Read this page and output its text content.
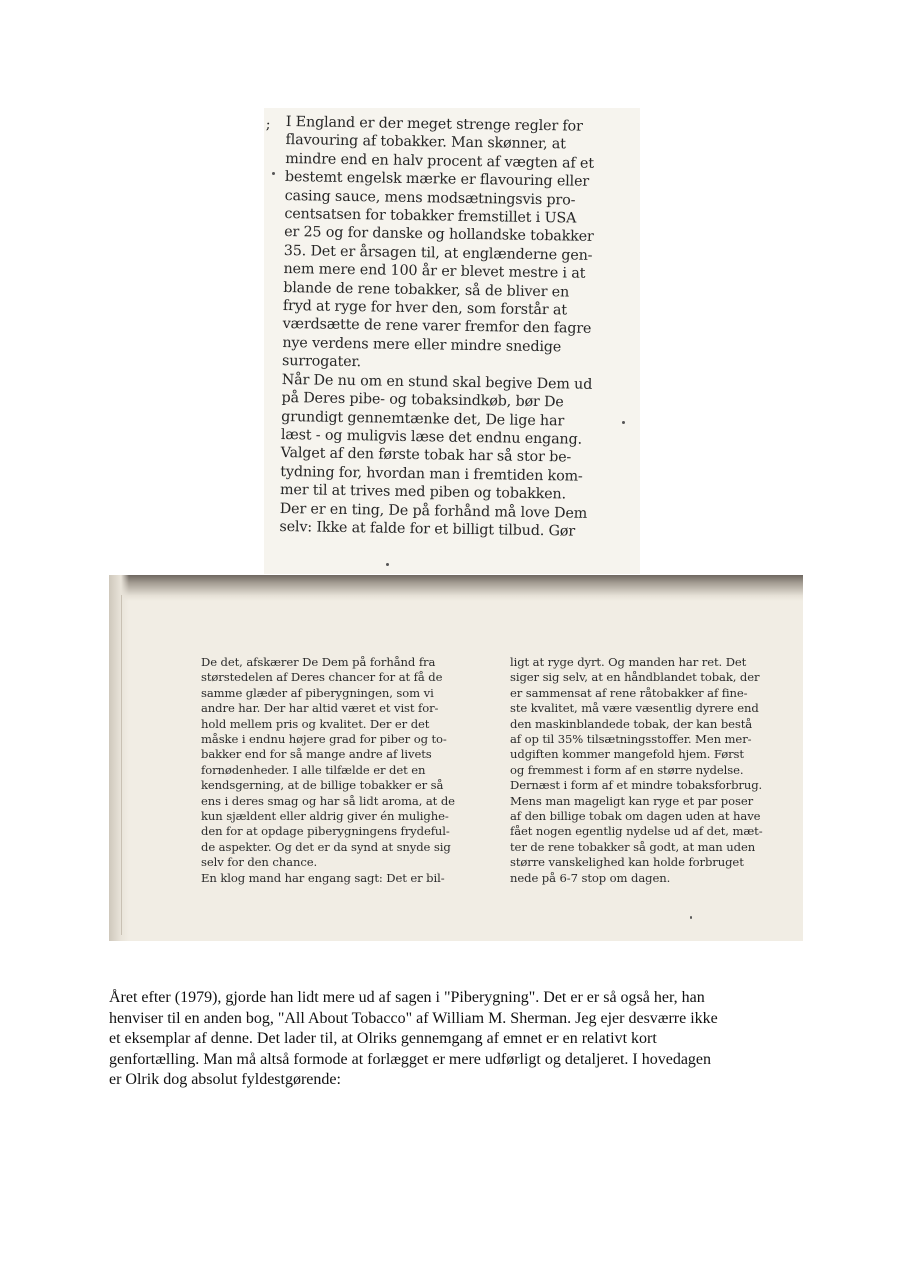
; I England er der meget strenge regler for
flavouring af tobakker. Man skønner, at
mindre end en halv procent af vægten af et
bestemt engelsk mærke er flavouring eller
casing sauce, mens modsætningsvis pro-
centsatsen for tobakker fremstillet i USA
er 25 og for danske og hollandske tobakker
35. Det er årsagen til, at englænderne gen-
nem mere end 100 år er blevet mestre i at
blande de rene tobakker, så de bliver en
fryd at ryge for hver den, som forstår at
værdsætte de rene varer fremfor den fagre
nye verdens mere eller mindre snedige
surrogater.
Når De nu om en stund skal begive Dem ud
på Deres pibe- og tobaksindkøb, bør De
grundigt gennemtænke det, De lige har
læst - og muligvis læse det endnu engang.
Valget af den første tobak har så stor be-
tydning for, hvordan man i fremtiden kom-
mer til at trives med piben og tobakken.
Der er en ting, De på forhånd må love Dem
selv: Ikke at falde for et billigt tilbud. Gør
De det, afskærer De Dem på forhånd fra
størstedelen af Deres chancer for at få de
samme glæder af piberygningen, som vi
andre har. Der har altid været et vist for-
hold mellem pris og kvalitet. Der er det
måske i endnu højere grad for piber og to-
bakker end for så mange andre af livets
fornødenheder. I alle tilfælde er det en
kendsgerning, at de billige tobakker er så
ens i deres smag og har så lidt aroma, at de
kun sjældent eller aldrig giver én mulighe-
den for at opdage piberygningens frydeful-
de aspekter. Og det er da synd at snyde sig
selv for den chance.
En klog mand har engang sagt: Det er bil-
ligt at ryge dyrt. Og manden har ret. Det
siger sig selv, at en håndblandet tobak, der
er sammensat af rene råtobakker af fine-
ste kvalitet, må være væsentlig dyrere end
den maskinblandede tobak, der kan bestå
af op til 35% tilsætningsstoffer. Men mer-
udgiften kommer mangefold hjem. Først
og fremmest i form af en større nydelse.
Dernæst i form af et mindre tobaksforbrug.
Mens man mageligt kan ryge et par poser
af den billige tobak om dagen uden at have
fået nogen egentlig nydelse ud af det, mæt-
ter de rene tobakker så godt, at man uden
større vanskelighed kan holde forbruget
nede på 6-7 stop om dagen.
Året efter (1979), gjorde han lidt mere ud af sagen i "Piberygning". Det er er så også her, han
henviser til en anden bog, "All About Tobacco" af William M. Sherman. Jeg ejer desværre ikke
et eksemplar af denne. Det lader til, at Olriks gennemgang af emnet er en relativt kort
genfortælling. Man må altså formode at forlægget er mere udførligt og detaljeret. I hovedagen
er Olrik dog absolut fyldestgørende:
